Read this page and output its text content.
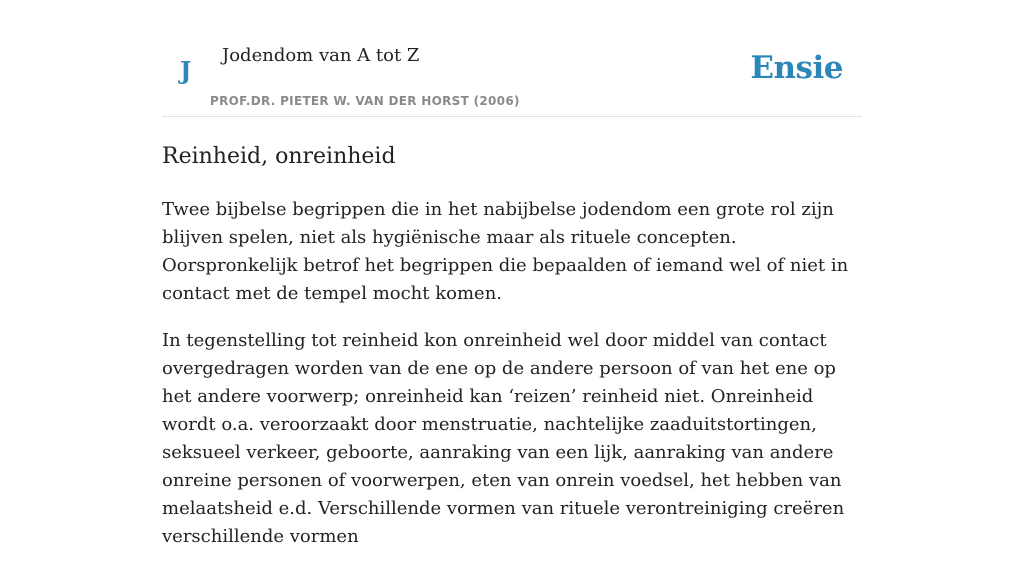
J
Jodendom van A tot Z
PROF.DR. PIETER W. VAN DER HORST (2006)
Ensie
Reinheid, onreinheid

Twee bijbelse begrippen die in het nabijbelse jodendom een grote rol zijn blijven spelen, niet als hygiënische maar als rituele concepten. Oorspronkelijk betrof het begrippen die bepaalden of iemand wel of niet in contact met de tempel mocht komen.

In tegenstelling tot reinheid kon onreinheid wel door middel van contact overgedragen worden van de ene op de andere persoon of van het ene op het andere voorwerp; onreinheid kan ‘reizen’ reinheid niet. Onreinheid wordt o.a. veroorzaakt door menstruatie, nachtelijke zaaduitstortingen, seksueel verkeer, geboorte, aanraking van een lijk, aanraking van andere onreine personen of voorwerpen, eten van onrein voedsel, het hebben van melaatsheid e.d. Verschillende vormen van rituele verontreiniging creëren verschillende vormen
